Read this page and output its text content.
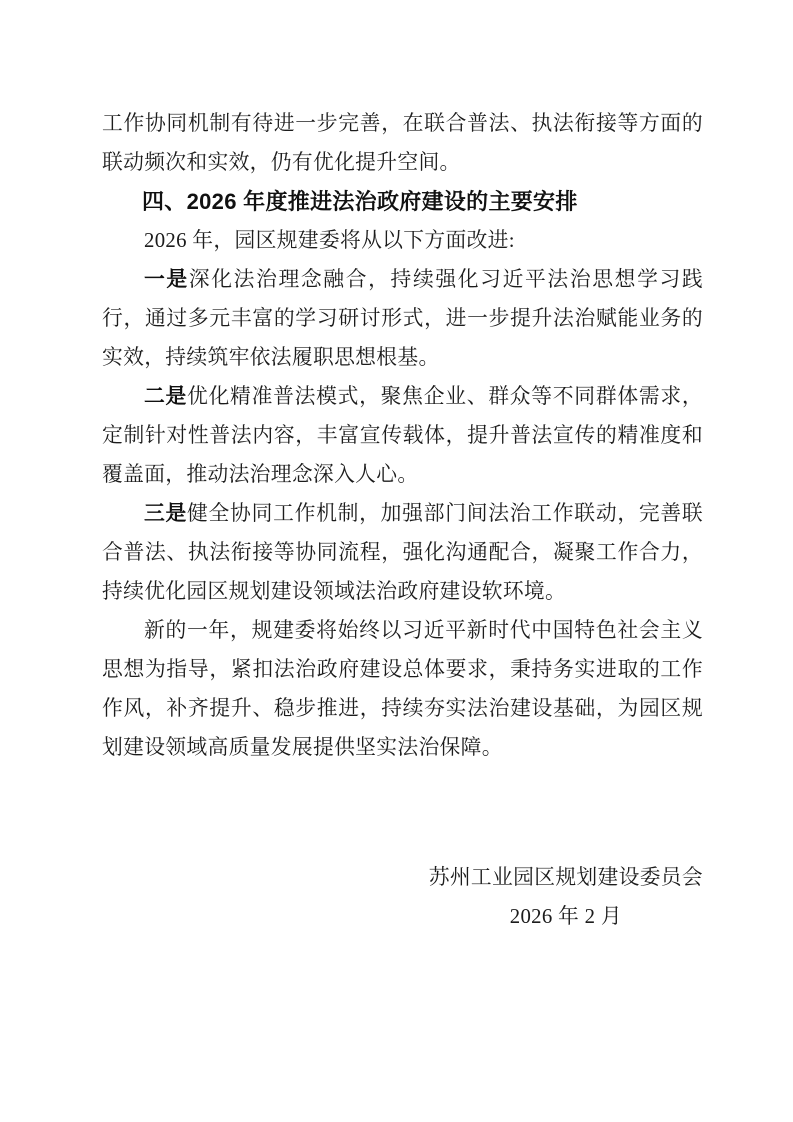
工作协同机制有待进一步完善，在联合普法、执法衔接等方面的联动频次和实效，仍有优化提升空间。

四、2026 年度推进法治政府建设的主要安排

2026 年，园区规建委将从以下方面改进:

一是深化法治理念融合，持续强化习近平法治思想学习践行，通过多元丰富的学习研讨形式，进一步提升法治赋能业务的实效，持续筑牢依法履职思想根基。

二是优化精准普法模式，聚焦企业、群众等不同群体需求，定制针对性普法内容，丰富宣传载体，提升普法宣传的精准度和覆盖面，推动法治理念深入人心。

三是健全协同工作机制，加强部门间法治工作联动，完善联合普法、执法衔接等协同流程，强化沟通配合，凝聚工作合力，持续优化园区规划建设领域法治政府建设软环境。

新的一年，规建委将始终以习近平新时代中国特色社会主义思想为指导，紧扣法治政府建设总体要求，秉持务实进取的工作作风，补齐提升、稳步推进，持续夯实法治建设基础，为园区规划建设领域高质量发展提供坚实法治保障。

苏州工业园区规划建设委员会
2026 年 2 月
